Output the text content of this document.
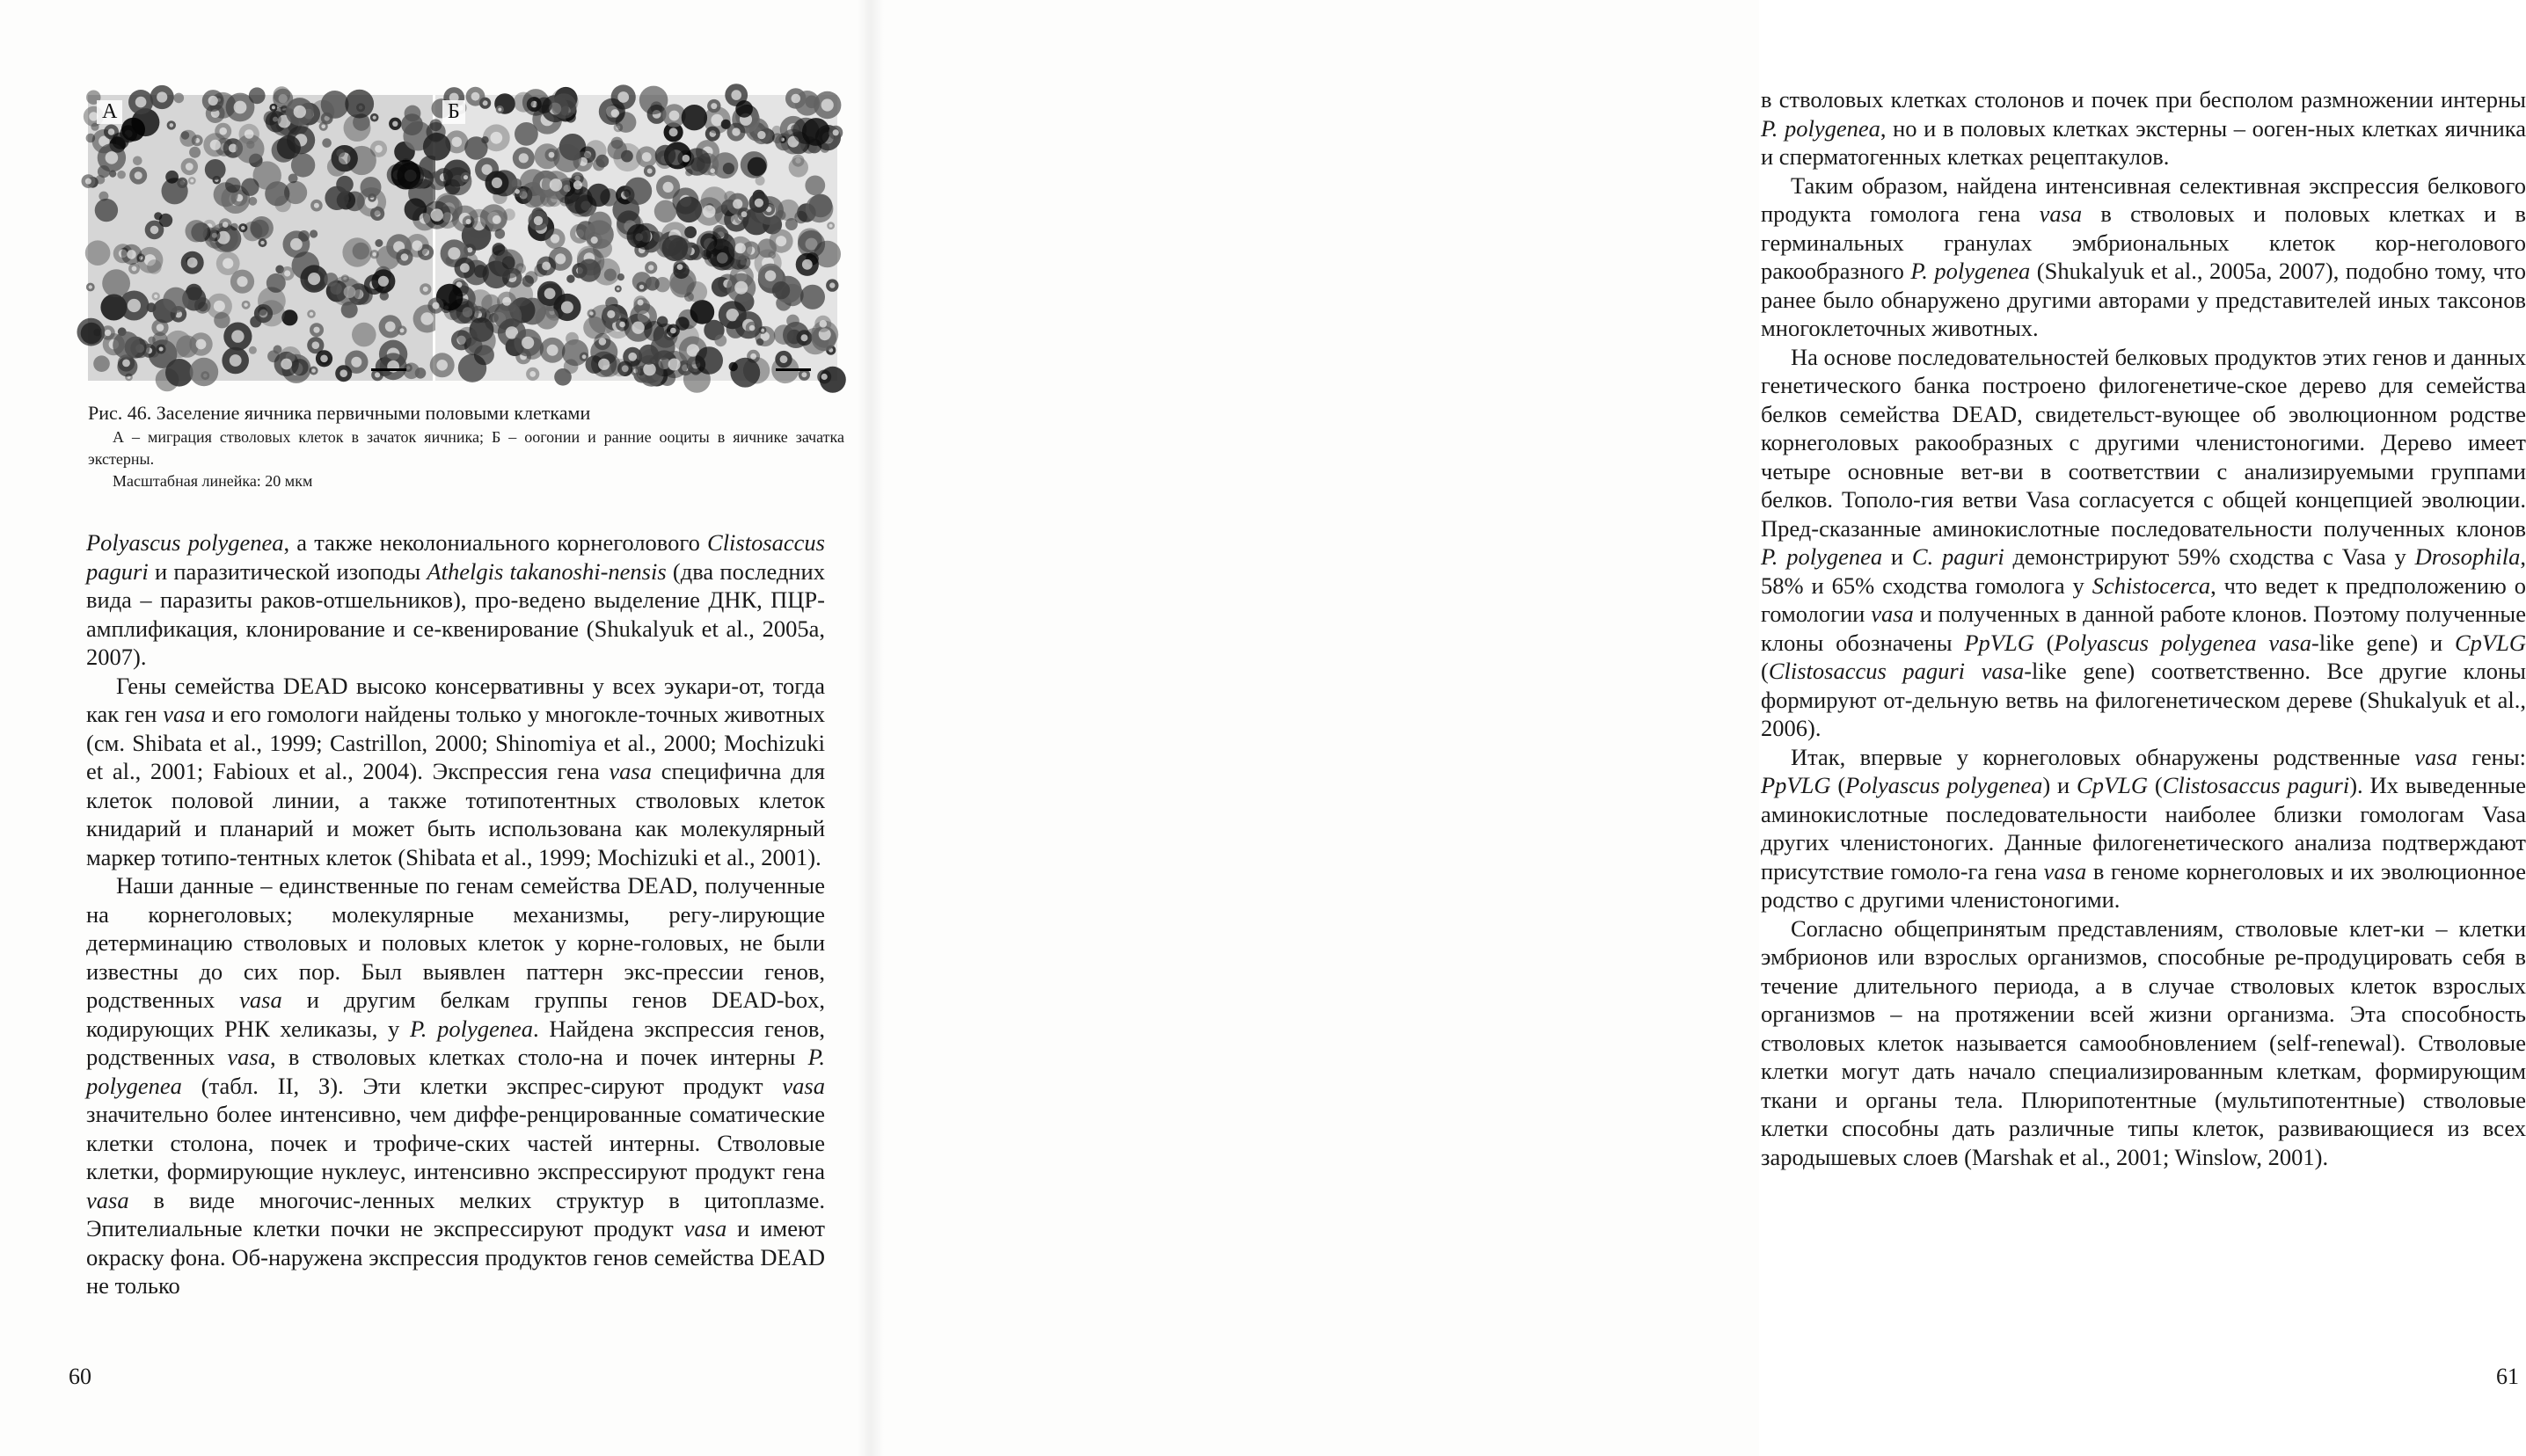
А	Б
Рис. 46. Заселение яичника первичными половыми клетками
А – миграция стволовых клеток в зачаток яичника; Б – оогонии и ранние ооциты в яичнике зачатка экстерны.
Масштабная линейка: 20 мкм

Polyascus polygenea, а также неколониального корнеголового Clistosaccus paguri и паразитической изоподы Athelgis takanoshi-nensis (два последних вида – паразиты раков-отшельников), про-ведено выделение ДНК, ПЦР-амплификация, клонирование и се-квенирование (Shukalyuk et al., 2005a, 2007).

Гены семейства DEAD высоко консервативны у всех эукари-от, тогда как ген vasa и его гомологи найдены только у многокле-точных животных (см. Shibata et al., 1999; Castrillon, 2000; Shinomiya et al., 2000; Mochizuki et al., 2001; Fabioux et al., 2004). Экспрессия гена vasa специфична для клеток половой линии, а также тотипотентных стволовых клеток книдарий и планарий и может быть использована как молекулярный маркер тотипо-тентных клеток (Shibata et al., 1999; Mochizuki et al., 2001).

Наши данные – единственные по генам семейства DEAD, полученные на корнеголовых; молекулярные механизмы, регу-лирующие детерминацию стволовых и половых клеток у корне-головых, не были известны до сих пор. Был выявлен паттерн экс-прессии генов, родственных vasa и другим белкам группы генов DEAD-box, кодирующих РНК хеликазы, у P. polygenea. Найдена экспрессия генов, родственных vasa, в стволовых клетках столо-на и почек интерны P. polygenea (табл. II, З). Эти клетки экспрес-сируют продукт vasa значительно более интенсивно, чем диффе-ренцированные соматические клетки столона, почек и трофиче-ских частей интерны. Стволовые клетки, формирующие нуклеус, интенсивно экспрессируют продукт гена vasa в виде многочис-ленных мелких структур в цитоплазме. Эпителиальные клетки почки не экспрессируют продукт vasa и имеют окраску фона. Об-наружена экспрессия продуктов генов семейства DEAD не только

60

в стволовых клетках столонов и почек при бесполом размножении интерны P. polygenea, но и в половых клетках экстерны – ооген-ных клетках яичника и сперматогенных клетках рецептакулов.

Таким образом, найдена интенсивная селективная экспрессия белкового продукта гомолога гена vasa в стволовых и половых клетках и в герминальных гранулах эмбриональных клеток кор-неголового ракообразного P. polygenea (Shukalyuk et al., 2005a, 2007), подобно тому, что ранее было обнаружено другими авторами у представителей иных таксонов многоклеточных животных.

На основе последовательностей белковых продуктов этих генов и данных генетического банка построено филогенетиче-ское дерево для семейства белков семейства DEAD, свидетельст-вующее об эволюционном родстве корнеголовых ракообразных с другими членистоногими. Дерево имеет четыре основные вет-ви в соответствии с анализируемыми группами белков. Тополо-гия ветви Vasa согласуется с общей концепцией эволюции. Пред-сказанные аминокислотные последовательности полученных клонов P. polygenea и C. paguri демонстрируют 59% сходства с Vasa у Drosophila, 58% и 65% сходства гомолога у Schistocerca, что ведет к предположению о гомологии vasa и полученных в данной работе клонов. Поэтому полученные клоны обозначены PpVLG (Polyascus polygenea vasa-like gene) и CpVLG (Clistosaccus paguri vasa-like gene) соответственно. Все другие клоны формируют от-дельную ветвь на филогенетическом дереве (Shukalyuk et al., 2006).

Итак, впервые у корнеголовых обнаружены родственные vasa гены: PpVLG (Polyascus polygenea) и CpVLG (Clistosaccus paguri). Их выведенные аминокислотные последовательности наиболее близки гомологам Vasa других членистоногих. Данные филогенетического анализа подтверждают присутствие гомоло-га гена vasa в геноме корнеголовых и их эволюционное родство с другими членистоногими.

Согласно общепринятым представлениям, стволовые клет-ки – клетки эмбрионов или взрослых организмов, способные ре-продуцировать себя в течение длительного периода, а в случае стволовых клеток взрослых организмов – на протяжении всей жизни организма. Эта способность стволовых клеток называется самообновлением (self-renewal). Стволовые клетки могут дать начало специализированным клеткам, формирующим ткани и органы тела. Плюрипотентные (мультипотентные) стволовые клетки способны дать различные типы клеток, развивающиеся из всех зародышевых слоев (Marshak et al., 2001; Winslow, 2001).

61
